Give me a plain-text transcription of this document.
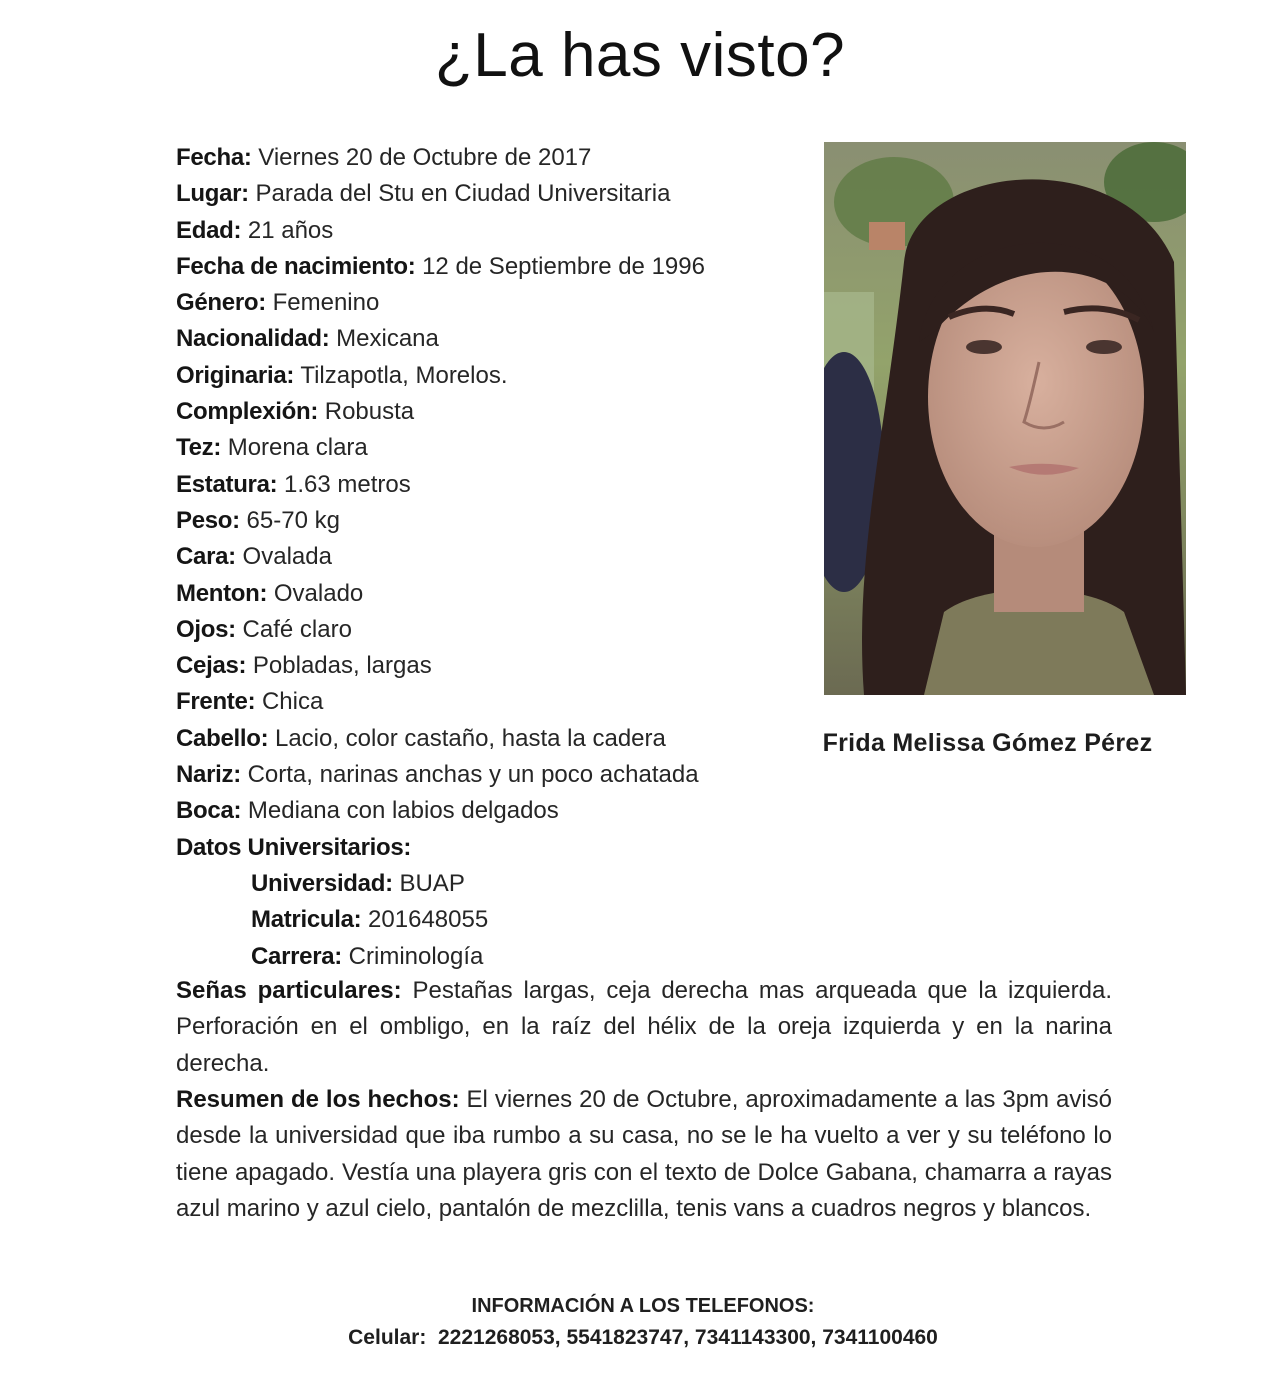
¿La has visto?
Fecha: Viernes 20 de Octubre de 2017
Lugar: Parada del Stu en Ciudad Universitaria
Edad: 21 años
Fecha de nacimiento: 12 de Septiembre de 1996
Género: Femenino
Nacionalidad: Mexicana
Originaria: Tilzapotla, Morelos.
Complexión: Robusta
Tez: Morena clara
Estatura: 1.63 metros
Peso: 65-70 kg
Cara: Ovalada
Menton: Ovalado
Ojos: Café claro
Cejas: Pobladas, largas
Frente: Chica
Cabello: Lacio, color castaño, hasta la cadera
Nariz: Corta, narinas anchas y un poco achatada
Boca: Mediana con labios delgados
Datos Universitarios:
Universidad: BUAP
Matricula: 201648055
Carrera: Criminología
Frida Melissa Gómez Pérez
Señas particulares: Pestañas largas, ceja derecha mas arqueada que la izquierda. Perforación en el ombligo, en la raíz del hélix de la oreja izquierda y en la narina derecha.
Resumen de los hechos: El viernes 20 de Octubre, aproximadamente a las 3pm avisó desde la universidad que iba rumbo a su casa, no se le ha vuelto a ver y su teléfono lo tiene apagado. Vestía una playera gris con el texto de Dolce Gabana, chamarra a rayas azul marino y azul cielo, pantalón de mezclilla, tenis vans a cuadros negros y blancos.
INFORMACIÓN A LOS TELEFONOS:
Celular: 2221268053, 5541823747, 7341143300, 7341100460
